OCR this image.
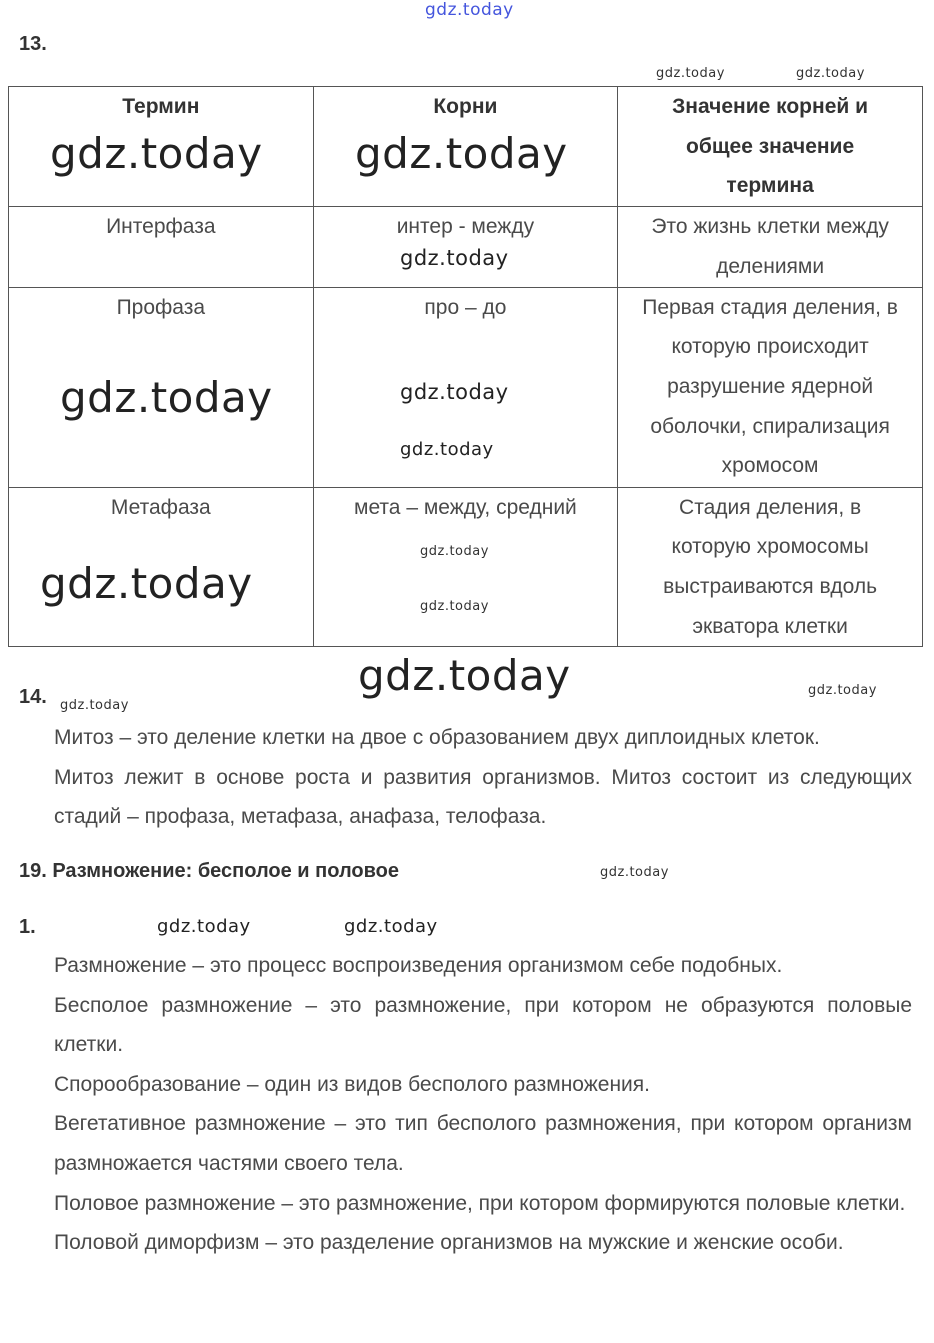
13.
Термин	Корни	Значение корней и общее значение термина
Интерфаза	интер - между	Это жизнь клетки между делениями
Профаза	про – до	Первая стадия деления, в которую происходит разрушение ядерной оболочки, спирализация хромосом
Метафаза	мета – между, средний	Стадия деления, в которую хромосомы выстраиваются вдоль экватора клетки
14.

Митоз – это деление клетки на двое с образованием двух диплоидных клеток.

Митоз лежит в основе роста и развития организмов. Митоз состоит из следующих стадий – профаза, метафаза, анафаза, телофаза.

19. Размножение: бесполое и половое
1.

Размножение – это процесс воспроизведения организмом себе подобных.

Бесполое размножение – это размножение, при котором не образуются половые клетки.

Спорообразование – один из видов бесполого размножения.

Вегетативное размножение – это тип бесполого размножения, при котором организм размножается частями своего тела.

Половое размножение – это размножение, при котором формируются половые клетки.

Половой диморфизм – это разделение организмов на мужские и женские особи.

gdz.today
gdz.today	gdz.today
gdz.today gdz.today
gdz.today
gdz.today	gdz.today
gdz.today
gdz.today
gdz.today
gdz.today
gdz.today	gdz.today
gdz.today
gdz.today
gdz.today	gdz.today
